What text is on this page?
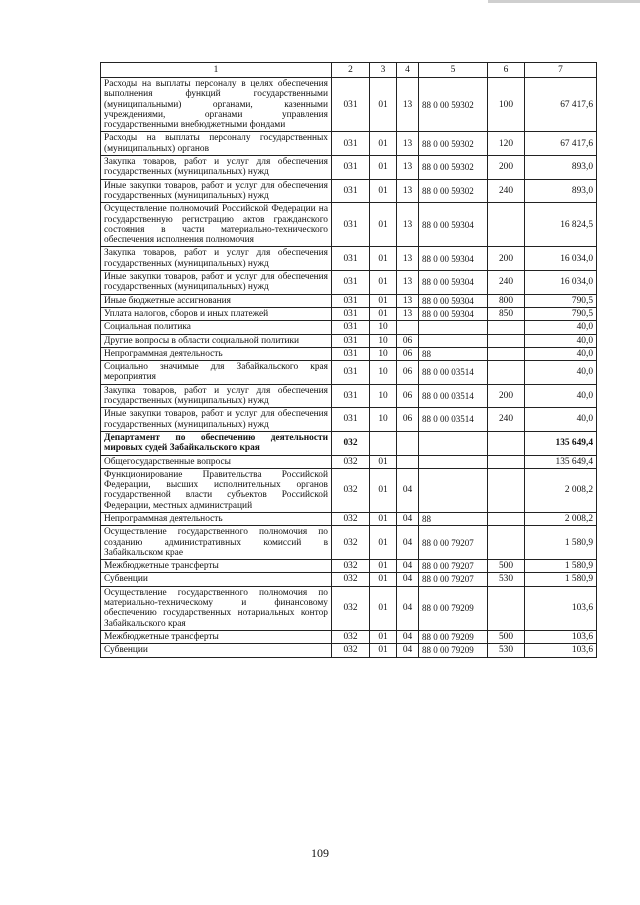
1	2	3	4	5	6	7
Расходы на выплаты персоналу в целях обеспечения выполнения функций государственными (муниципальными) органами, казенными учреждениями, органами управления государственными внебюджетными фондами	031	01	13	88 0 00 59302	100	67 417,6
Расходы на выплаты персоналу государственных (муниципальных) органов	031	01	13	88 0 00 59302	120	67 417,6
Закупка товаров, работ и услуг для обеспечения государственных (муниципальных) нужд	031	01	13	88 0 00 59302	200	893,0
Иные закупки товаров, работ и услуг для обеспечения государственных (муниципальных) нужд	031	01	13	88 0 00 59302	240	893,0
Осуществление полномочий Российской Федерации на государственную регистрацию актов гражданского состояния в части материально-технического обеспечения исполнения полномочия	031	01	13	88 0 00 59304		16 824,5
Закупка товаров, работ и услуг для обеспечения государственных (муниципальных) нужд	031	01	13	88 0 00 59304	200	16 034,0
Иные закупки товаров, работ и услуг для обеспечения государственных (муниципальных) нужд	031	01	13	88 0 00 59304	240	16 034,0
Иные бюджетные ассигнования	031	01	13	88 0 00 59304	800	790,5
Уплата налогов, сборов и иных платежей	031	01	13	88 0 00 59304	850	790,5
Социальная политика	031	10				40,0
Другие вопросы в области социальной политики	031	10	06			40,0
Непрограммная деятельность	031	10	06	88		40,0
Социально значимые для Забайкальского края мероприятия	031	10	06	88 0 00 03514		40,0
Закупка товаров, работ и услуг для обеспечения государственных (муниципальных) нужд	031	10	06	88 0 00 03514	200	40,0
Иные закупки товаров, работ и услуг для обеспечения государственных (муниципальных) нужд	031	10	06	88 0 00 03514	240	40,0
Департамент по обеспечению деятельности мировых судей Забайкальского края	032					135 649,4
Общегосударственные вопросы	032	01				135 649,4
Функционирование Правительства Российской Федерации, высших исполнительных органов государственной власти субъектов Российской Федерации, местных администраций	032	01	04			2 008,2
Непрограммная деятельность	032	01	04	88		2 008,2
Осуществление государственного полномочия по созданию административных комиссий в Забайкальском крае	032	01	04	88 0 00 79207		1 580,9
Межбюджетные трансферты	032	01	04	88 0 00 79207	500	1 580,9
Субвенции	032	01	04	88 0 00 79207	530	1 580,9
Осуществление государственного полномочия по материально-техническому и финансовому обеспечению государственных нотариальных контор Забайкальского края	032	01	04	88 0 00 79209		103,6
Межбюджетные трансферты	032	01	04	88 0 00 79209	500	103,6
Субвенции	032	01	04	88 0 00 79209	530	103,6
109
